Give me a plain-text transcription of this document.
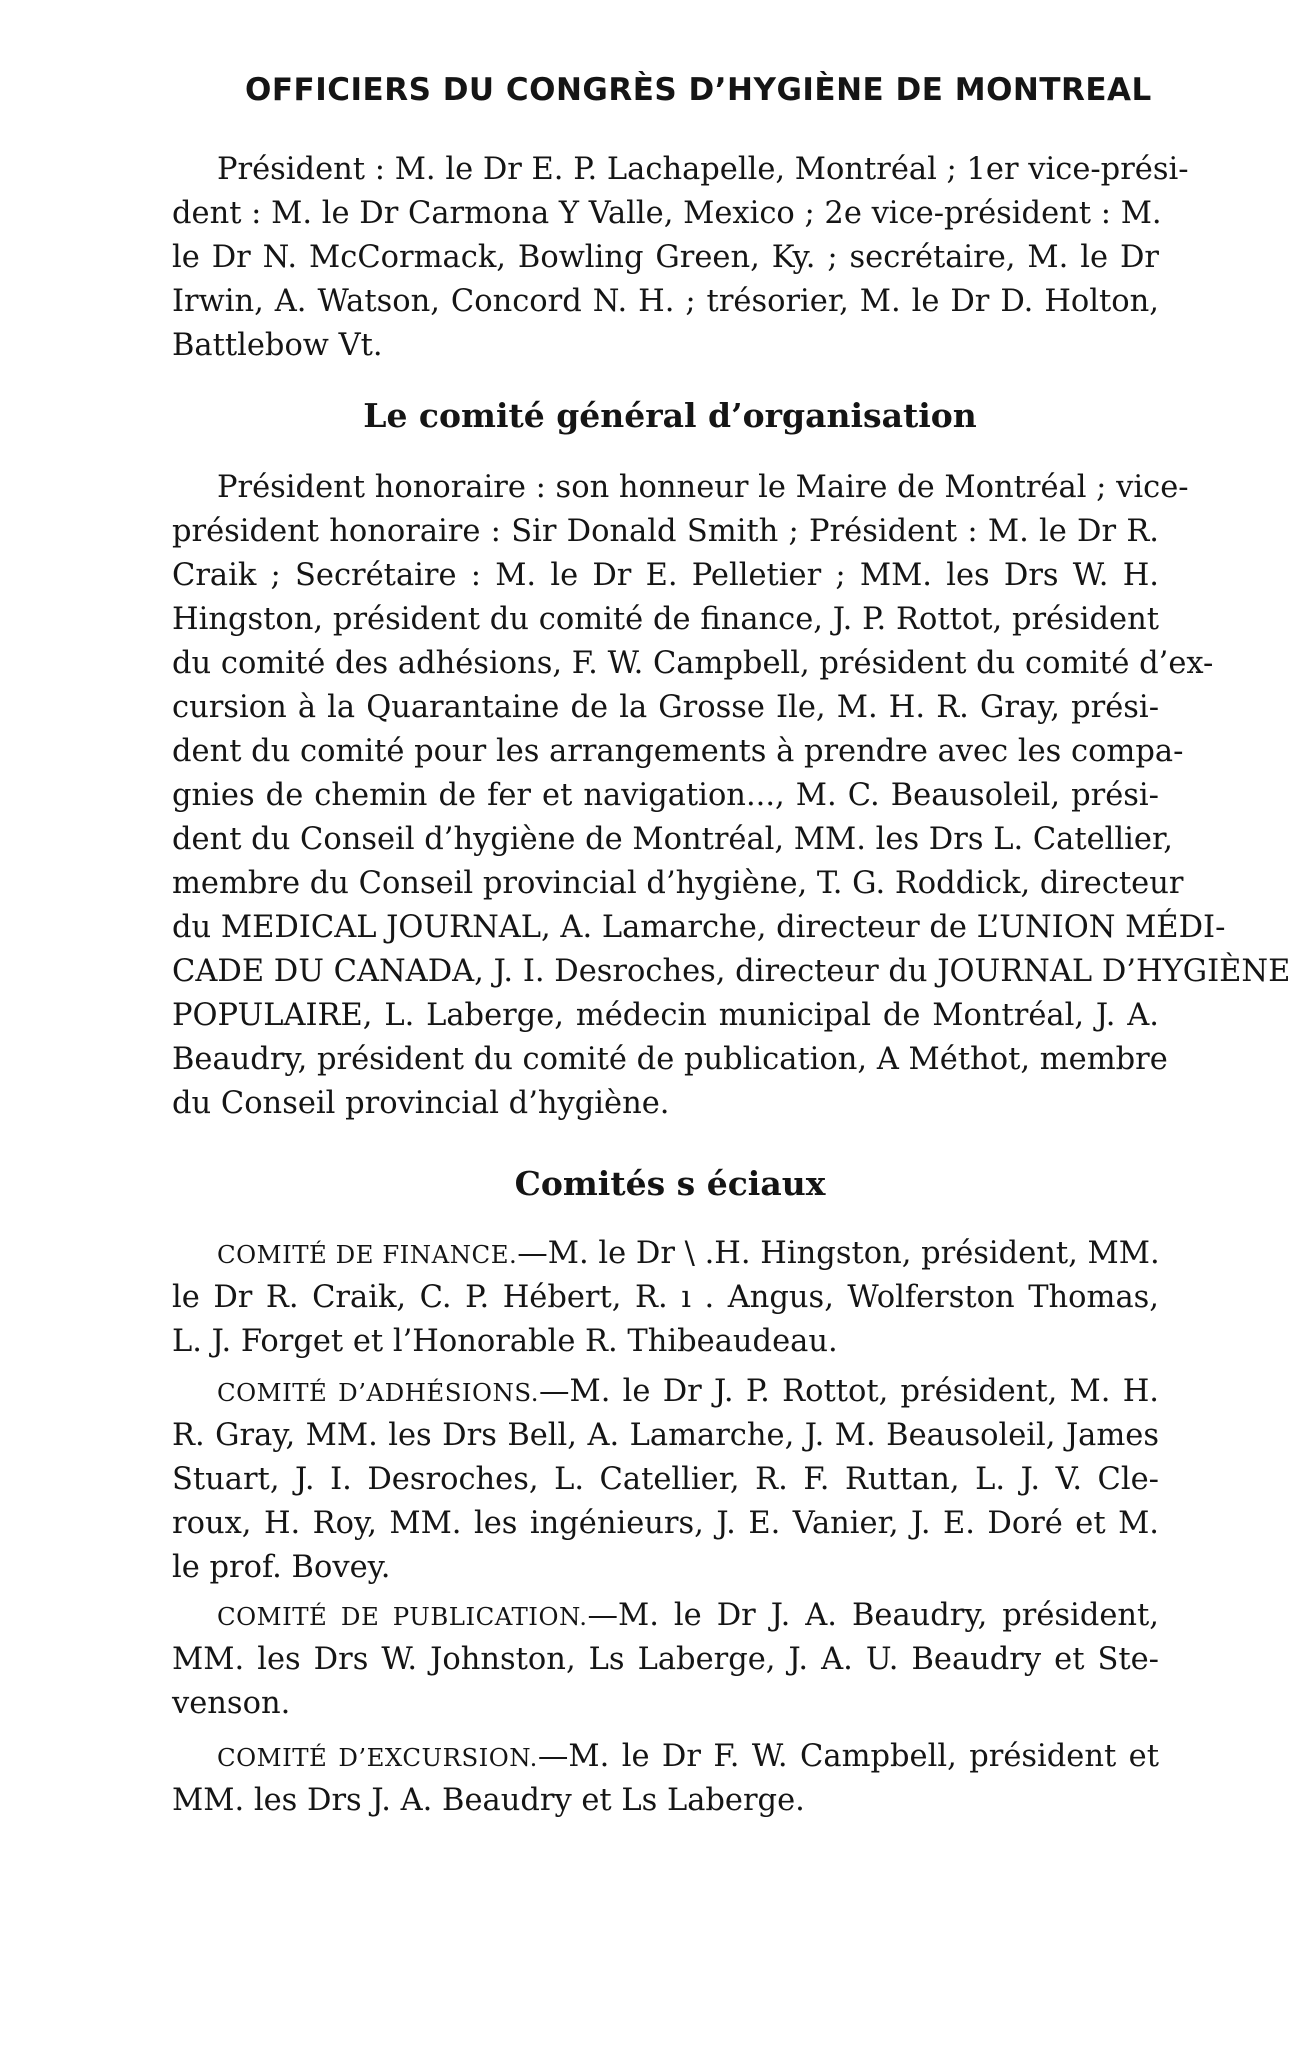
OFFICIERS DU CONGRÈS D’HYGIÈNE DE MONTREAL
Président : M. le Dr E. P. Lachapelle, Montréal ; 1er vice-prési-
dent : M. le Dr Carmona Y Valle, Mexico ; 2e vice-président : M.
le Dr N. McCormack, Bowling Green, Ky. ; secrétaire, M. le Dr
Irwin, A. Watson, Concord N. H. ; trésorier, M. le Dr D. Holton,
Battlebow Vt.
Le comité général d’organisation
Président honoraire : son honneur le Maire de Montréal ; vice-
président honoraire : Sir Donald Smith ; Président : M. le Dr R.
Craik ; Secrétaire : M. le Dr E. Pelletier ; MM. les Drs W. H.
Hingston, président du comité de finance, J. P. Rottot, président
du comité des adhésions, F. W. Campbell, président du comité d’ex-
cursion à la Quarantaine de la Grosse Ile, M. H. R. Gray, prési-
dent du comité pour les arrangements à prendre avec les compa-
gnies de chemin de fer et navigation..., M. C. Beausoleil, prési-
dent du Conseil d’hygiène de Montréal, MM. les Drs L. Catellier,
membre du Conseil provincial d’hygiène, T. G. Roddick, directeur
du MEDICAL JOURNAL, A. Lamarche, directeur de L’UNION MÉDI-
CADE DU CANADA, J. I. Desroches, directeur du JOURNAL D’HYGIÈNE
POPULAIRE, L. Laberge, médecin municipal de Montréal, J. A.
Beaudry, président du comité de publication, A Méthot, membre
du Conseil provincial d’hygiène.
Comités s éciaux
COMITÉ DE FINANCE.—M. le Dr \ .H. Hingston, président, MM.
le Dr R. Craik, C. P. Hébert, R. ı . Angus, Wolferston Thomas,
L. J. Forget et l’Honorable R. Thibeaudeau.
COMITÉ D’ADHÉSIONS.—M. le Dr J. P. Rottot, président, M. H.
R. Gray, MM. les Drs Bell, A. Lamarche, J. M. Beausoleil, James
Stuart, J. I. Desroches, L. Catellier, R. F. Ruttan, L. J. V. Cle-
roux, H. Roy, MM. les ingénieurs, J. E. Vanier, J. E. Doré et M.
le prof. Bovey.
COMITÉ DE PUBLICATION.—M. le Dr J. A. Beaudry, président,
MM. les Drs W. Johnston, Ls Laberge, J. A. U. Beaudry et Ste-
venson.
COMITÉ D’EXCURSION.—M. le Dr F. W. Campbell, président et
MM. les Drs J. A. Beaudry et Ls Laberge.
